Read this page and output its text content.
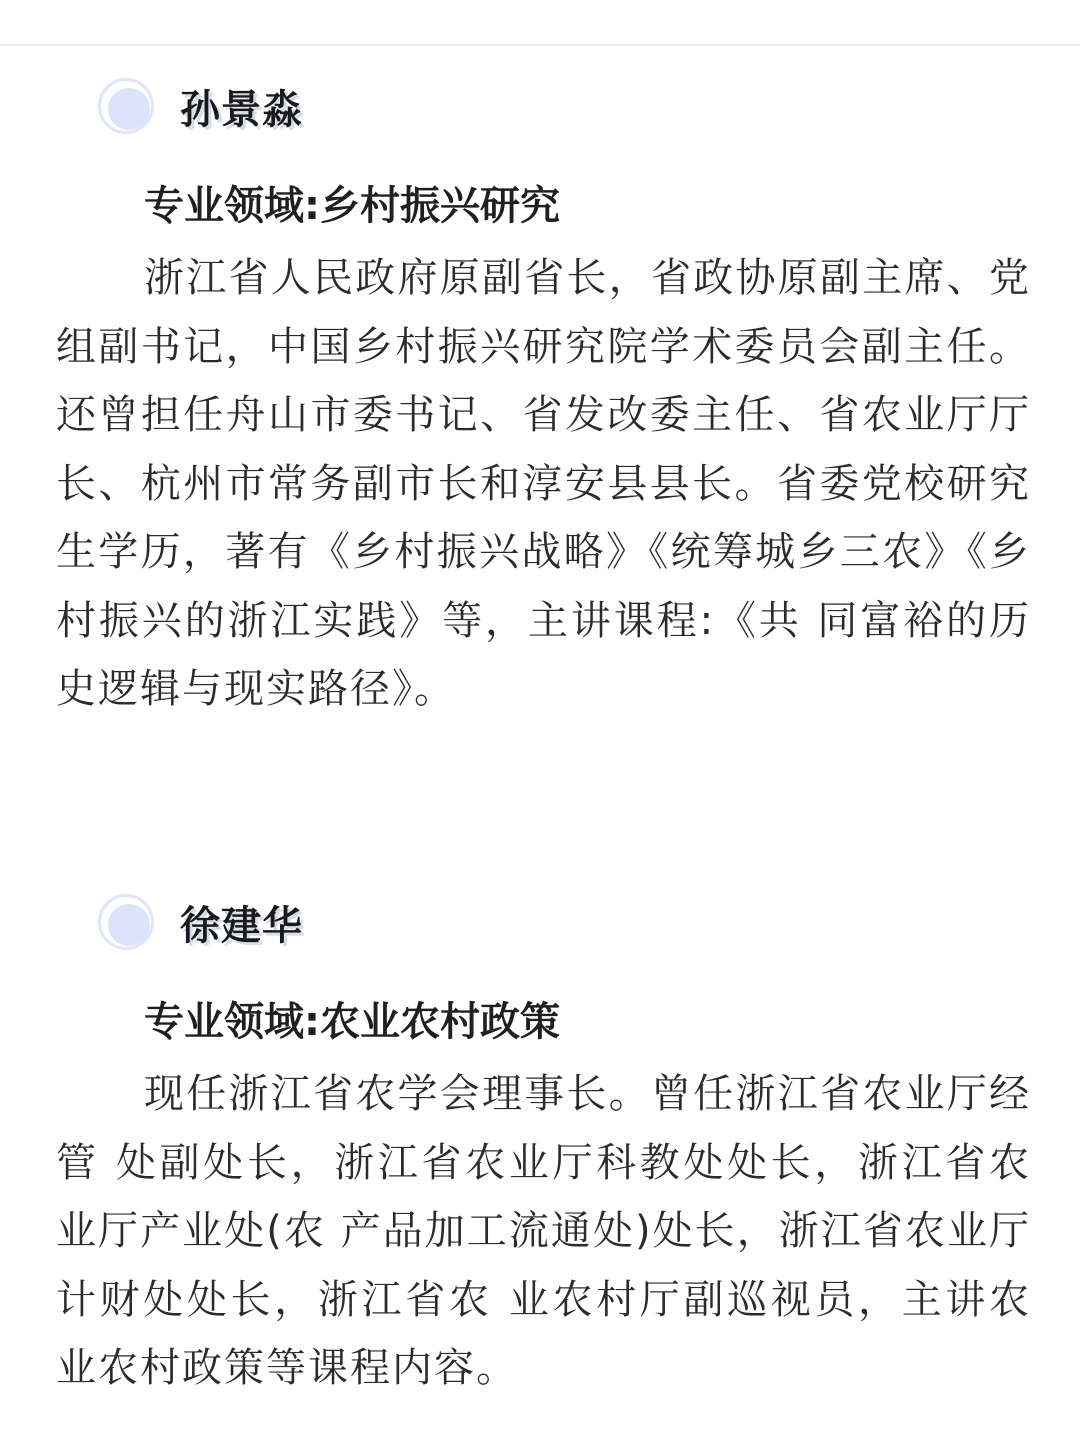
孙景淼
专业领域:乡村振兴研究
浙江省人民政府原副省长，省政协原副主席、党组副书记，中国乡村振兴研究院学术委员会副主任。还曾担任舟山市委书记、省发改委主任、省农业厅厅长、杭州市常务副市长和淳安县县长。省委党校研究生学历，著有《乡村振兴战略》《统筹城乡三农》《乡村振兴的浙江实践》等，主讲课程:《共 同富裕的历史逻辑与现实路径》。
徐建华
专业领域:农业农村政策
现任浙江省农学会理事长。曾任浙江省农业厅经管 处副处长，浙江省农业厅科教处处长，浙江省农业厅产业处(农 产品加工流通处)处长，浙江省农业厅计财处处长，浙江省农 业农村厅副巡视员，主讲农业农村政策等课程内容。
